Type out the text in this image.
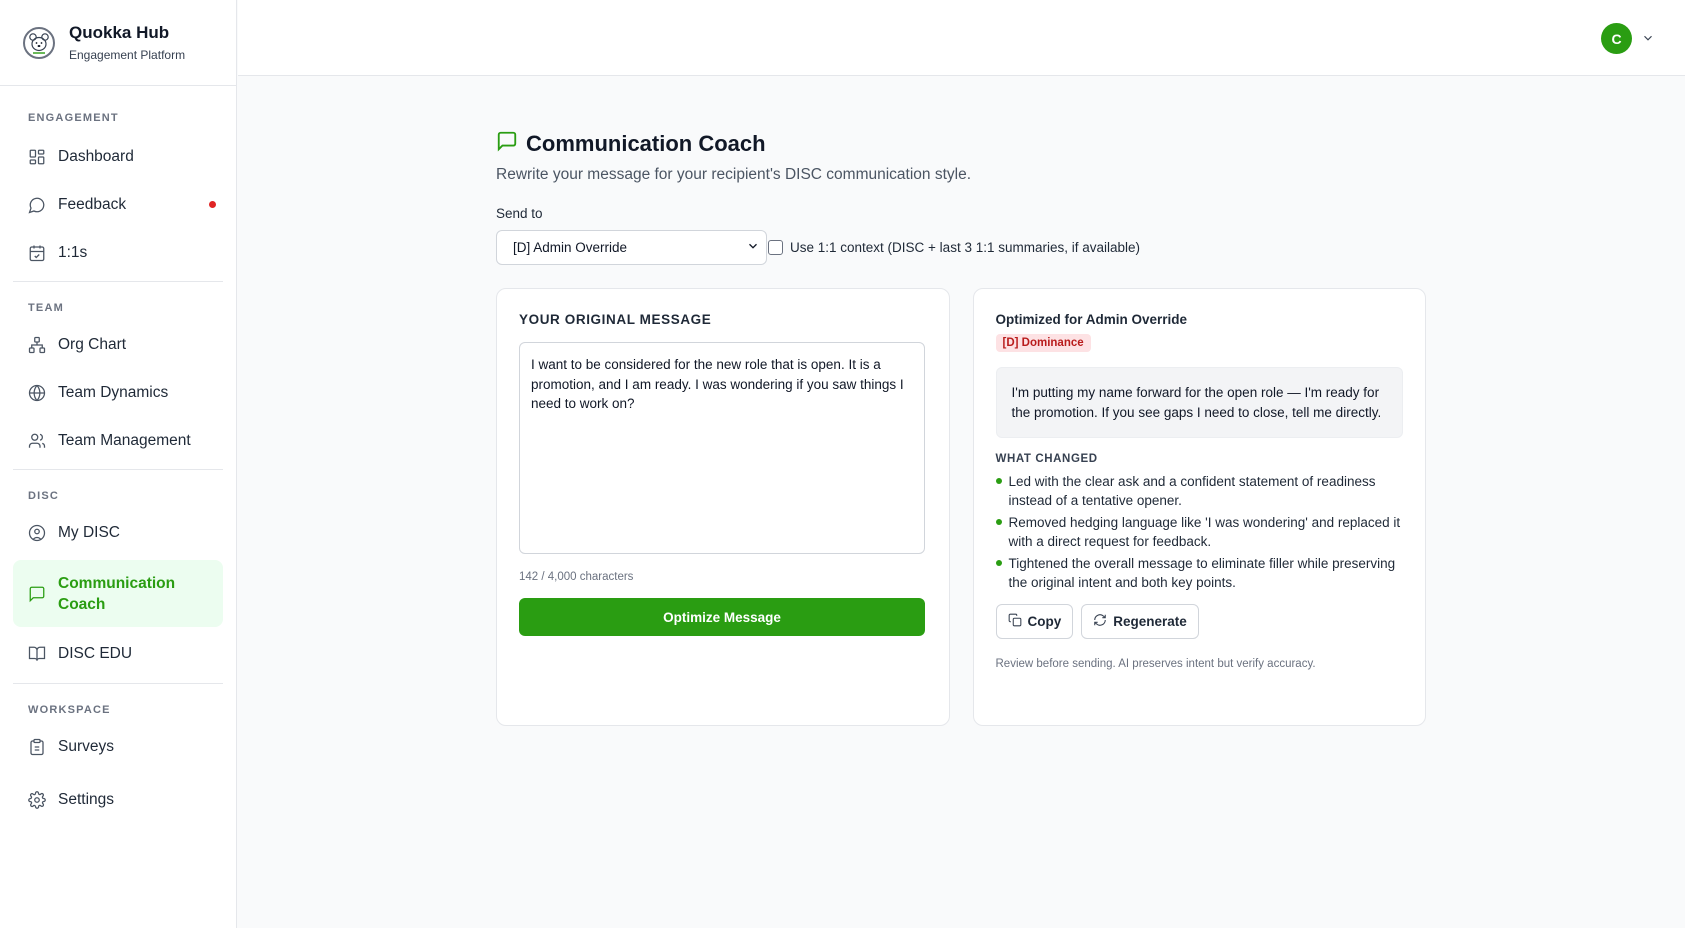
Quokka Hub
Engagement Platform
ENGAGEMENT
Dashboard
Feedback
1:1s
TEAM
Org Chart
Team Dynamics
Team Management
DISC
My DISC
Communication Coach
DISC EDU
WORKSPACE
Surveys
Settings
C
Communication Coach
Rewrite your message for your recipient's DISC communication style.
Send to
[D] Admin Override	Use 1:1 context (DISC + last 3 1:1 summaries, if available)
YOUR ORIGINAL MESSAGE
I want to be considered for the new role that is open. It is a promotion, and I am ready. I was wondering if you saw things I need to work on?
142 / 4,000 characters
Optimize Message
Optimized for Admin Override
[D] Dominance
I'm putting my name forward for the open role — I'm ready for the promotion. If you see gaps I need to close, tell me directly.
WHAT CHANGED
Led with the clear ask and a confident statement of readiness instead of a tentative opener.
Removed hedging language like 'I was wondering' and replaced it with a direct request for feedback.
Tightened the overall message to eliminate filler while preserving the original intent and both key points.
Copy	Regenerate
Review before sending. AI preserves intent but verify accuracy.
